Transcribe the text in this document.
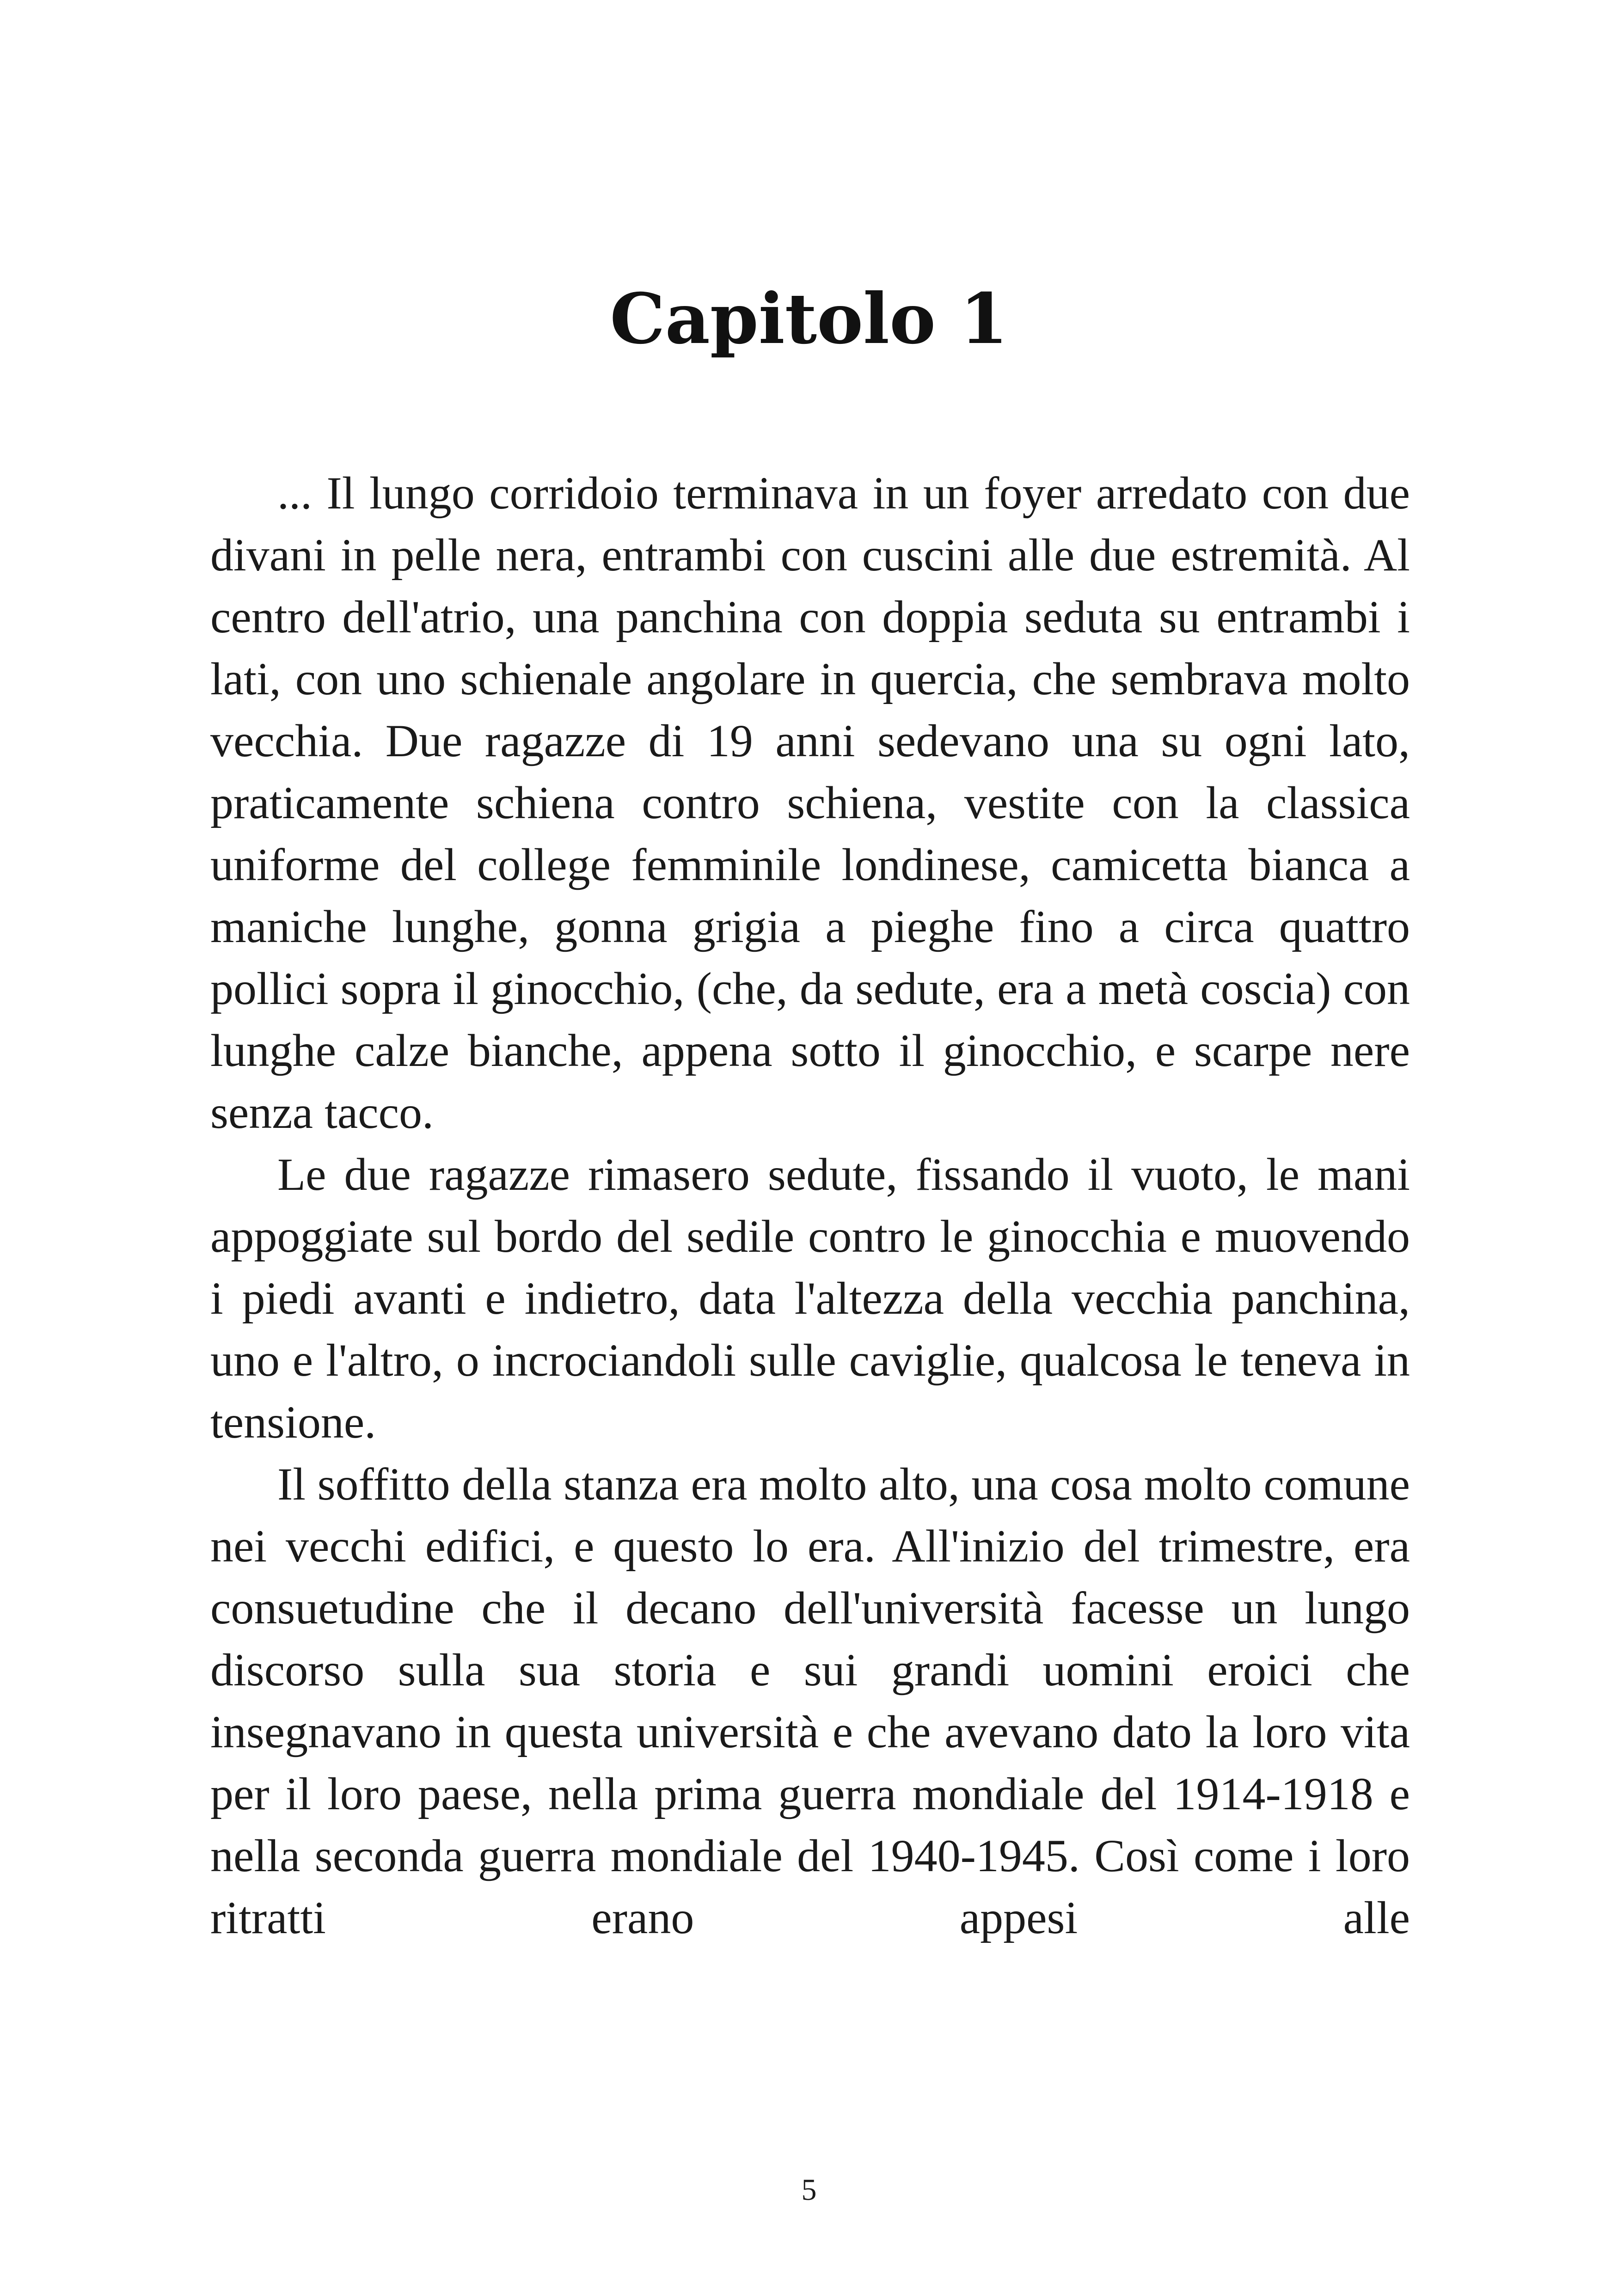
Capitolo 1

... Il lungo corridoio terminava in un foyer arredato con due divani in pelle nera, entrambi con cuscini alle due estremità. Al centro dell'atrio, una panchina con doppia seduta su entrambi i lati, con uno schienale angolare in quercia, che sembrava molto vecchia. Due ragazze di 19 anni sedevano una su ogni lato, praticamente schiena contro schiena, vestite con la classica uniforme del college femminile londinese, camicetta bianca a maniche lunghe, gonna grigia a pieghe fino a circa quattro pollici sopra il ginocchio, (che, da sedute, era a metà coscia) con lunghe calze bianche, appena sotto il ginocchio, e scarpe nere senza tacco.

Le due ragazze rimasero sedute, fissando il vuoto, le mani appoggiate sul bordo del sedile contro le ginocchia e muovendo i piedi avanti e indietro, data l'altezza della vecchia panchina, uno e l'altro, o incrociandoli sulle caviglie, qualcosa le teneva in tensione.

Il soffitto della stanza era molto alto, una cosa molto comune nei vecchi edifici, e questo lo era. All'inizio del trimestre, era consuetudine che il decano dell'università facesse un lungo discorso sulla sua storia e sui grandi uomini eroici che insegnavano in questa università e che avevano dato la loro vita per il loro paese, nella prima guerra mondiale del 1914-1918 e nella seconda guerra mondiale del 1940-1945. Così come i loro ritratti erano appesi alle

5
